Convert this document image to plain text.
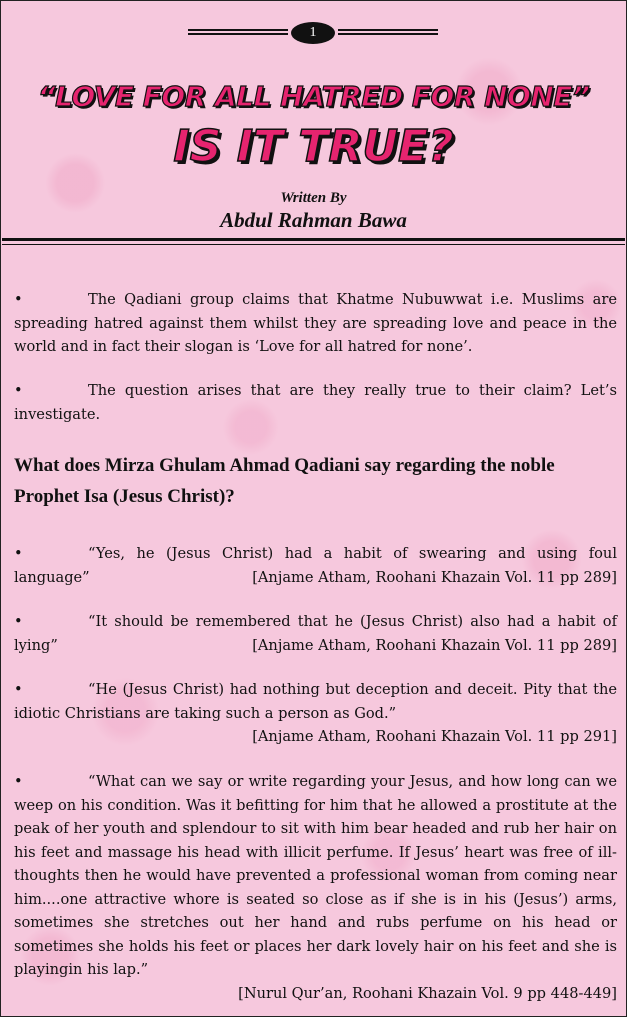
1
“LOVE FOR ALL HATRED FOR NONE”
IS IT TRUE?
Written By
Abdul Rahman Bawa
•	The Qadiani group claims that Khatme Nubuwwat i.e. Muslims are spreading hatred against them whilst they are spreading love and peace in the world and in fact their slogan is ‘Love for all hatred for none’.
•	The question arises that are they really true to their claim? Let’s investigate.
What does Mirza Ghulam Ahmad Qadiani say regarding the noble Prophet Isa (Jesus Christ)?
•	“Yes, he (Jesus Christ) had a habit of swearing and using foul language”	[Anjame Atham, Roohani Khazain Vol. 11 pp 289]
•	“It should be remembered that he (Jesus Christ) also had a habit of lying”	[Anjame Atham, Roohani Khazain Vol. 11 pp 289]
•	“He (Jesus Christ) had nothing but deception and deceit. Pity that the idiotic Christians are taking such a person as God.”
[Anjame Atham, Roohani Khazain Vol. 11 pp 291]
•	“What can we say or write regarding your Jesus, and how long can we weep on his condition. Was it befitting for him that he allowed a prostitute at the peak of her youth and splendour to sit with him bear headed and rub her hair on his feet and massage his head with illicit perfume. If Jesus’ heart was free of ill-thoughts then he would have prevented a professional woman from coming near him....one attractive whore is seated so close as if she is in his (Jesus’) arms, sometimes she stretches out her hand and rubs perfume on his head or sometimes she holds his feet or places her dark lovely hair on his feet and she is playingin his lap.”
[Nurul Qur’an, Roohani Khazain Vol. 9 pp 448-449]
